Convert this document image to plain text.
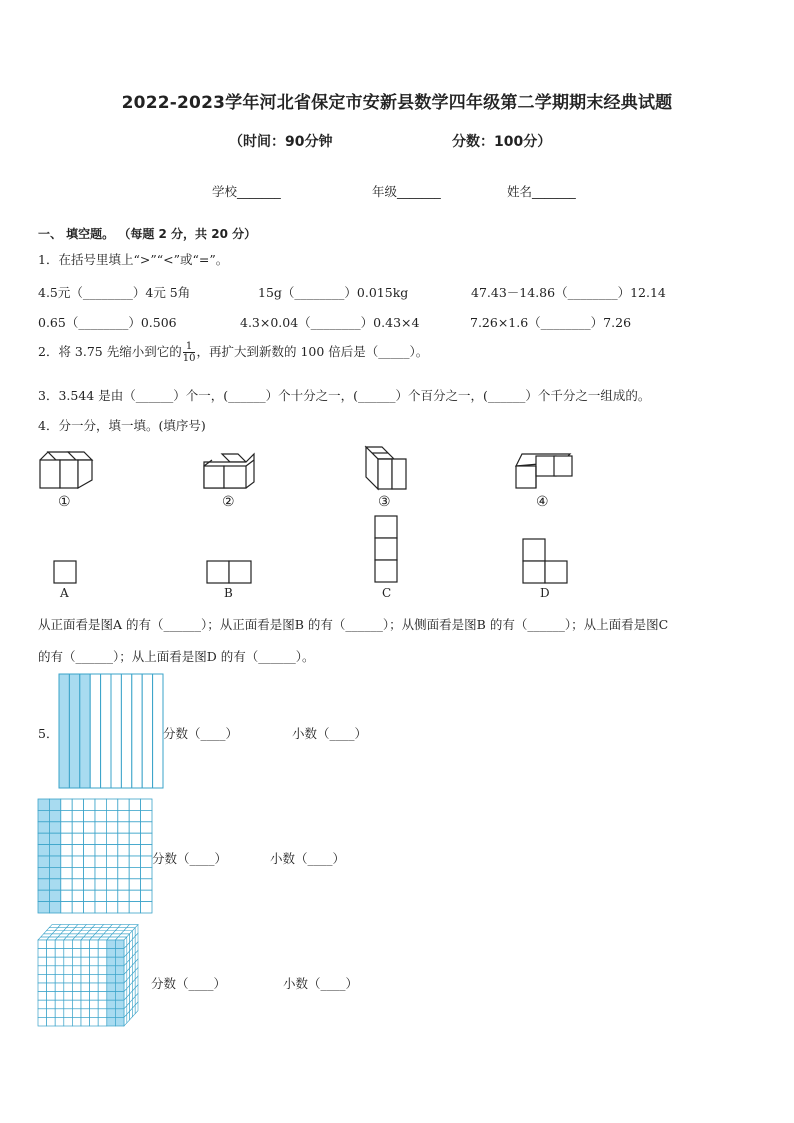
2022-2023学年河北省保定市安新县数学四年级第二学期期末经典试题
（时间：90分钟	分数：100分）
学校_______	年级_______	姓名_______
一、 填空题。 （每题 2 分，共 20 分）
1．在括号里填上“>”“<”或“=”。
4.5元（________）4元 5角	15g（________）0.015kg	47.43－14.86（________）12.14
0.65（________）0.506	4.3×0.04（________）0.43×4	7.26×1.6（________）7.26
2．将 3.75 先缩小到它的 $\frac{1}{10}$ ，再扩大到新数的 100 倍后是（_____）。
3．3.544 是由（______）个一，(______）个十分之一，(______）个百分之一，(______）个千分之一组成的。
4．分一分，填一填。(填序号)
①	②	③	④
A	B	C	D
从正面看是图A 的有（______）；从正面看是图B 的有（______）；从侧面看是图B 的有（______）；从上面看是图C
的有（______）；从上面看是图D 的有（______）。
5．	分数（____）	小数（____）
分数（____）	小数（____）
分数（____）	小数（____）
